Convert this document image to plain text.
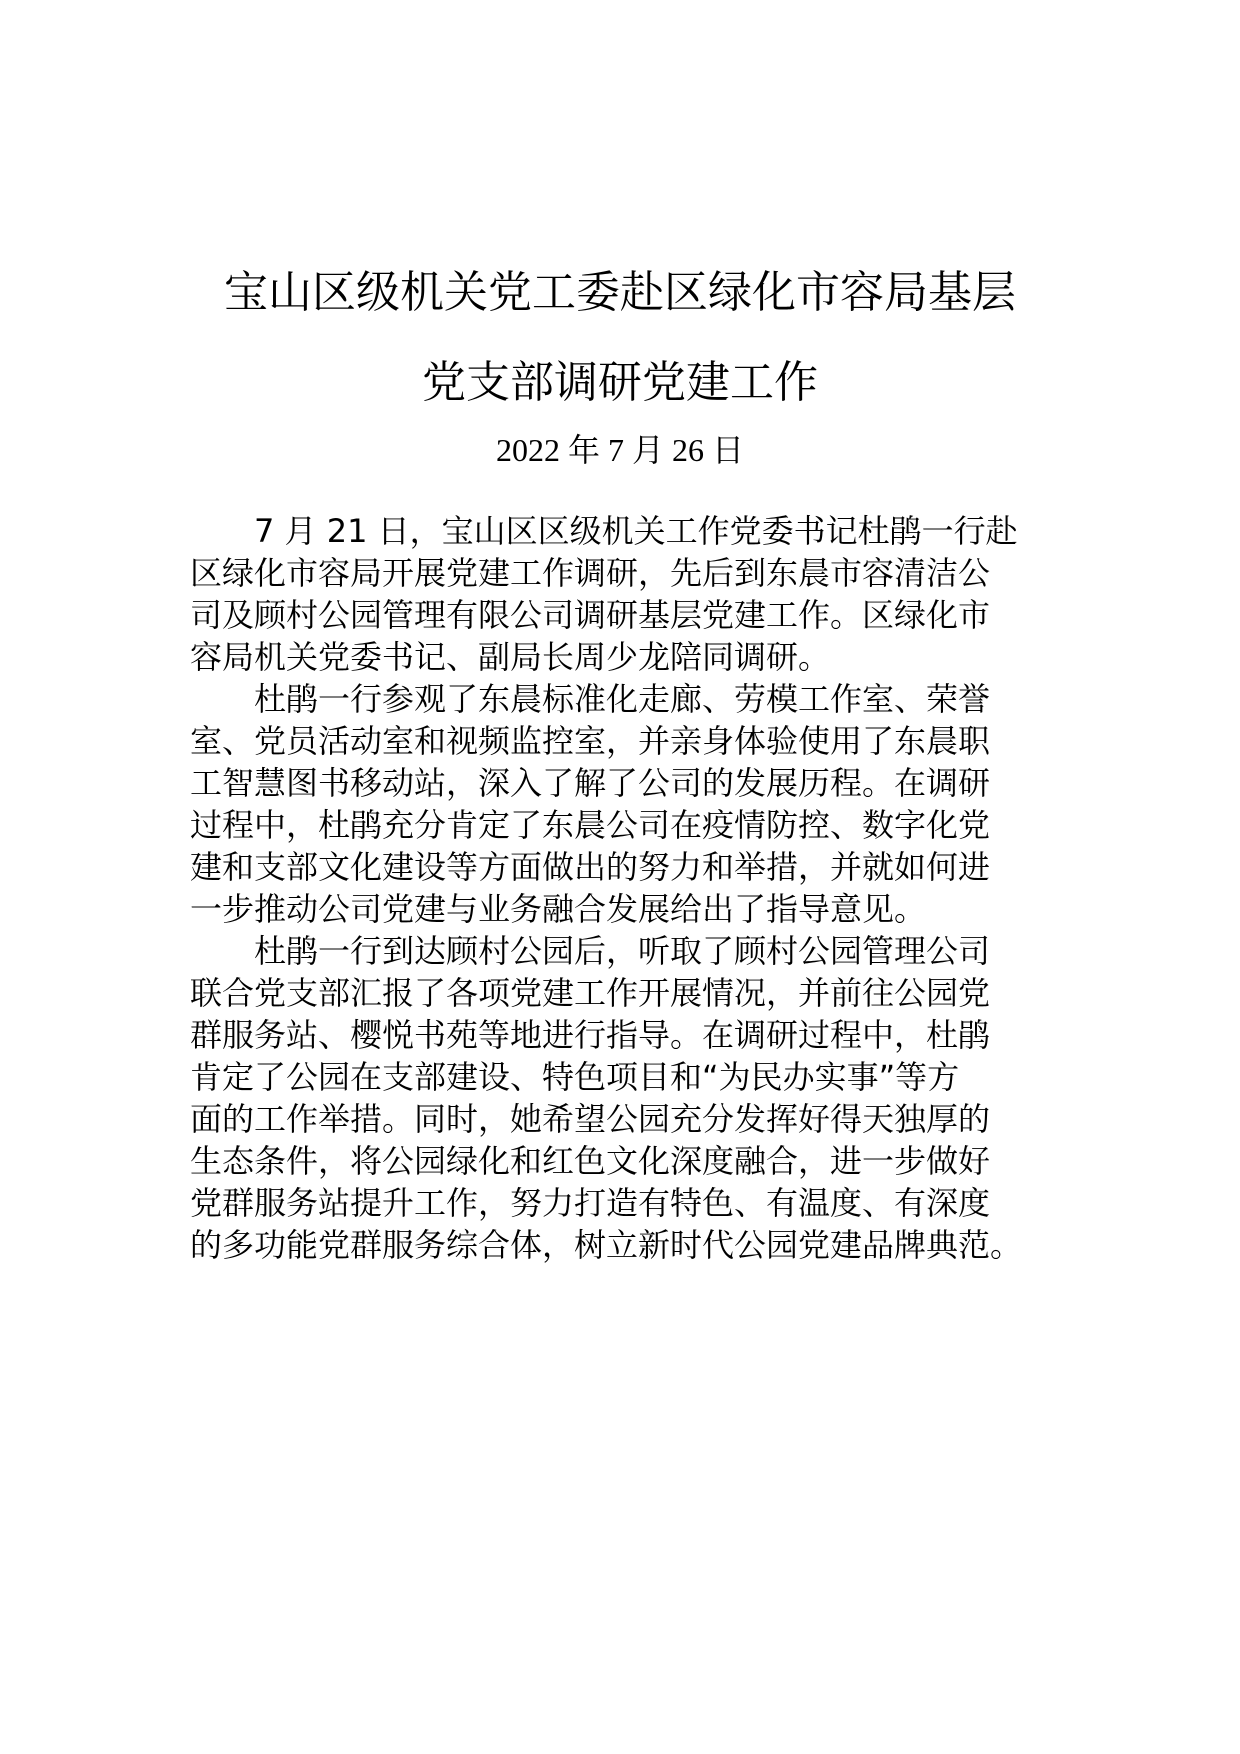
宝山区级机关党工委赴区绿化市容局基层
党支部调研党建工作
2022 年 7 月 26 日
7 月 21 日，宝山区区级机关工作党委书记杜鹃一行赴
区绿化市容局开展党建工作调研，先后到东晨市容清洁公
司及顾村公园管理有限公司调研基层党建工作。区绿化市
容局机关党委书记、副局长周少龙陪同调研。
杜鹃一行参观了东晨标准化走廊、劳模工作室、荣誉
室、党员活动室和视频监控室，并亲身体验使用了东晨职
工智慧图书移动站，深入了解了公司的发展历程。在调研
过程中，杜鹃充分肯定了东晨公司在疫情防控、数字化党
建和支部文化建设等方面做出的努力和举措，并就如何进
一步推动公司党建与业务融合发展给出了指导意见。
杜鹃一行到达顾村公园后，听取了顾村公园管理公司
联合党支部汇报了各项党建工作开展情况，并前往公园党
群服务站、樱悦书苑等地进行指导。在调研过程中，杜鹃
肯定了公园在支部建设、特色项目和“为民办实事”等方
面的工作举措。同时，她希望公园充分发挥好得天独厚的
生态条件，将公园绿化和红色文化深度融合，进一步做好
党群服务站提升工作，努力打造有特色、有温度、有深度
的多功能党群服务综合体，树立新时代公园党建品牌典范。
